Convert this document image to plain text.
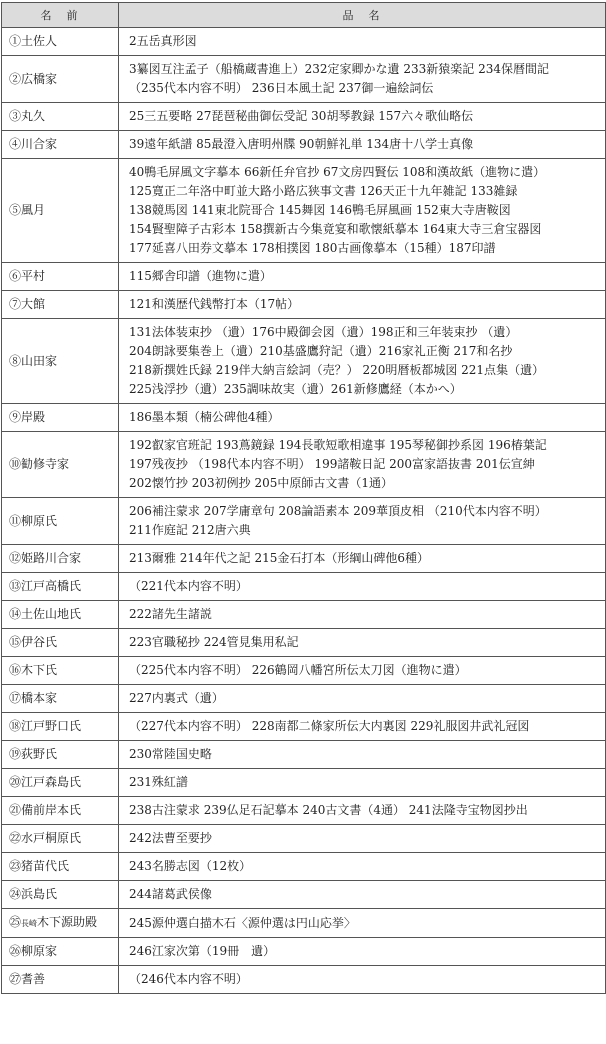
名　前	品　名
①土佐人	2五岳真形図

②広橋家	3纂図互注孟子（船橋蔵書進上）232定家卿かな遺 233新猿楽記 234保暦間記
（235代本内容不明） 236日本風土記 237御一遍絵詞伝

③丸久	25三五要略 27琵琶秘曲御伝受記 30胡琴教録 157六々歌仙略伝

④川合家	39遠年紙譜 85最澄入唐明州牒 90朝鮮礼単 134唐十八学士真像

⑤風月	40鴨毛屏風文字摹本 66新任弁官抄 67文房四賢伝 108和漢故紙（進物に遣）
125寛正二年洛中町並大路小路広狭事文書 126天正十九年雑記 133雑録
138競馬図 141東北院哥合 145舞図 146鴨毛屏風画 152東大寺唐鞍図
154賢聖障子古彩本 158撰新古今集竟宴和歌懐紙摹本 164東大寺三倉宝器図
177延喜八田券文摹本 178相撲図 180古画像摹本（15種）187印譜

⑥平村	115郷舎印譜（進物に遣）

⑦大館	121和漢歴代銭幣打本（17帖）

⑧山田家	131法体装束抄 （遺）176中殿御会図（遺）198正和三年装束抄 （遺）
204朗詠要集巻上（遺）210基盛鷹狩記（遺）216家礼正衡 217和名抄
218新撰姓氏録 219伴大納言絵詞（売？） 220明暦板都城図 221点集（遺）
225浅浮抄（遺）235調味故実（遺）261新修鷹経（本かへ）

⑨岸殿	186墨本類（楠公碑他4種）

⑩勧修寺家	192叡家官班記 193蔦鏡録 194長歌短歌相違事 195琴秘御抄系図 196椿葉記
197残夜抄 （198代本内容不明） 199諸鞍日記 200富家語抜書 201伝宣紳
202懐竹抄 203初例抄 205中原師古文書（1通）

⑪柳原氏	206補注蒙求 207学庸章句 208論語素本 209華頂皮相 （210代本内容不明）
211作庭記 212唐六典

⑫姫路川合家	213爾雅 214年代之記 215金石打本（形綱山碑他6種）

⑬江戸高橋氏	（221代本内容不明）

⑭土佐山地氏	222諸先生諸説

⑮伊谷氏	223官職秘抄 224管見集用私記

⑯木下氏	（225代本内容不明） 226鶴岡八幡宮所伝太刀図（進物に遣）

⑰橋本家	227内裏式（遺）

⑱江戸野口氏	（227代本内容不明） 228南都二條家所伝大内裏図 229礼服図井武礼冠図

⑲荻野氏	230常陸国史略

⑳江戸森島氏	231殊紅譜

㉑備前岸本氏	238古注蒙求 239仏足石記摹本 240古文書（4通） 241法隆寺宝物図抄出

㉒水戸桐原氏	242法曹至要抄

㉓猪苗代氏	243名勝志図（12枚）

㉔浜島氏	244諸葛武侯像

㉕長崎木下源助殿	245源仲選白描木石〈源仲選は円山応挙〉

㉖柳原家	246江家次第（19冊　遺）

㉗耆善	（246代本内容不明）
